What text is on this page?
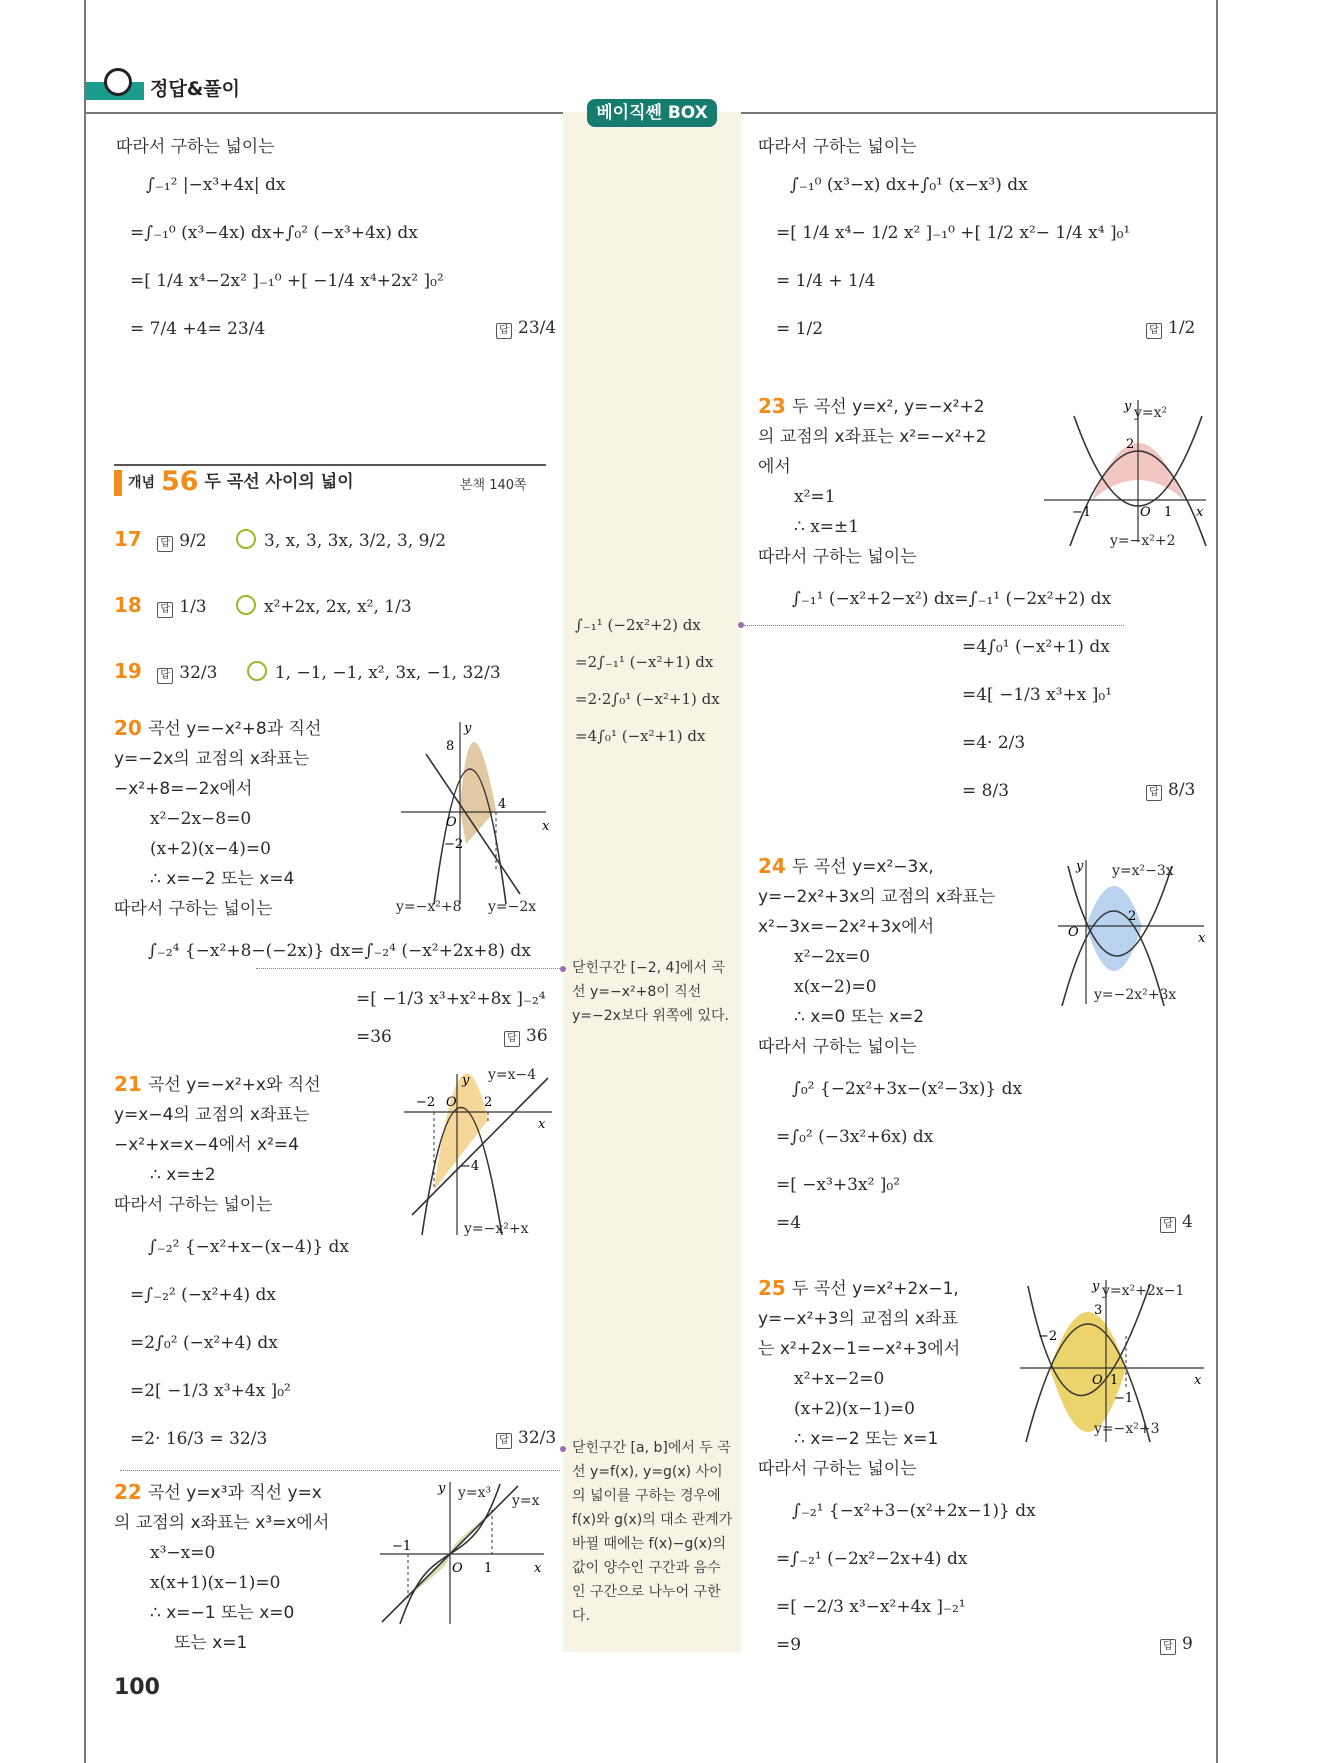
정답&풀이
베이직쎈 BOX
∫₋₁¹ (−2x²+2) dx
=2∫₋₁¹ (−x²+1) dx
=2·2∫₀¹ (−x²+1) dx
=4∫₀¹ (−x²+1) dx
닫힌구간 [−2, 4]에서 곡선 y=−x²+8이 직선 y=−2x보다 위쪽에 있다.
닫힌구간 [a, b]에서 두 곡선 y=f(x), y=g(x) 사이의 넓이를 구하는 경우에 f(x)와 g(x)의 대소 관계가 바뀔 때에는 f(x)−g(x)의 값이 양수인 구간과 음수인 구간으로 나누어 구한다.
따라서 구하는 넓이는
∫₋₁² |−x³+4x| dx
=∫₋₁⁰ (x³−4x) dx+∫₀² (−x³+4x) dx
=[ 1/4 x⁴−2x² ]₋₁⁰ +[ −1/4 x⁴+2x² ]₀²
= 7/4 +4= 23/4	답 23/4
개념 56 두 곡선 사이의 넓이	본책 140쪽
17 답 9/2	3, x, 3, 3x, 3/2, 3, 9/2
18 답 1/3	x²+2x, 2x, x², 1/3
19 답 32/3	1, −1, −1, x², 3x, −1, 32/3
20 곡선 y=−x²+8과 직선
y=−2x의 교점의 x좌표는
−x²+8=−2x에서
x²−2x−8=0
(x+2)(x−4)=0
∴ x=−2 또는 x=4
따라서 구하는 넓이는
∫₋₂⁴ {−x²+8−(−2x)} dx=∫₋₂⁴ (−x²+2x+8) dx
=[ −1/3 x³+x²+8x ]₋₂⁴
=36	답 36
y
x
8
4
O
−2
y=−x²+8 y=−2x
21 곡선 y=−x²+x와 직선
y=x−4의 교점의 x좌표는
−x²+x=x−4에서 x²=4
∴ x=±2
따라서 구하는 넓이는
∫₋₂² {−x²+x−(x−4)} dx
=∫₋₂² (−x²+4) dx
=2∫₀² (−x²+4) dx
=2[ −1/3 x³+4x ]₀²
=2· 16/3 = 32/3	답 32/3
y
x
−2 O 2
−4
y=x−4
y=−x²+x
22 곡선 y=x³과 직선 y=x
의 교점의 x좌표는 x³=x에서
x³−x=0
x(x+1)(x−1)=0
∴ x=−1 또는 x=0
또는 x=1
y
x
−1
O 1
y=x³ y=x
100
따라서 구하는 넓이는
∫₋₁⁰ (x³−x) dx+∫₀¹ (x−x³) dx
=[ 1/4 x⁴− 1/2 x² ]₋₁⁰ +[ 1/2 x²− 1/4 x⁴ ]₀¹
= 1/4 + 1/4
= 1/2	답 1/2
23 두 곡선 y=x², y=−x²+2
의 교점의 x좌표는 x²=−x²+2
에서
x²=1
∴ x=±1
따라서 구하는 넓이는
∫₋₁¹ (−x²+2−x²) dx=∫₋₁¹ (−2x²+2) dx
=4∫₀¹ (−x²+1) dx
=4[ −1/3 x³+x ]₀¹
=4· 2/3
= 8/3	답 8/3
y
x
2
−1	O 1
y=x²
y=−x²+2
24 두 곡선 y=x²−3x,
y=−2x²+3x의 교점의 x좌표는
x²−3x=−2x²+3x에서
x²−2x=0
x(x−2)=0
∴ x=0 또는 x=2
따라서 구하는 넓이는
∫₀² {−2x²+3x−(x²−3x)} dx
=∫₀² (−3x²+6x) dx
=[ −x³+3x² ]₀²
=4	답 4
y
x
O
2
y=x²−3x
y=−2x²+3x
25 두 곡선 y=x²+2x−1,
y=−x²+3의 교점의 x좌표
는 x²+2x−1=−x²+3에서
x²+x−2=0
(x+2)(x−1)=0
∴ x=−2 또는 x=1
따라서 구하는 넓이는
∫₋₂¹ {−x²+3−(x²+2x−1)} dx
=∫₋₂¹ (−2x²−2x+4) dx
=[ −2/3 x³−x²+4x ]₋₂¹
=9	답 9
y
x
3
−2
O 1
−1
y=x²+2x−1
y=−x²+3
